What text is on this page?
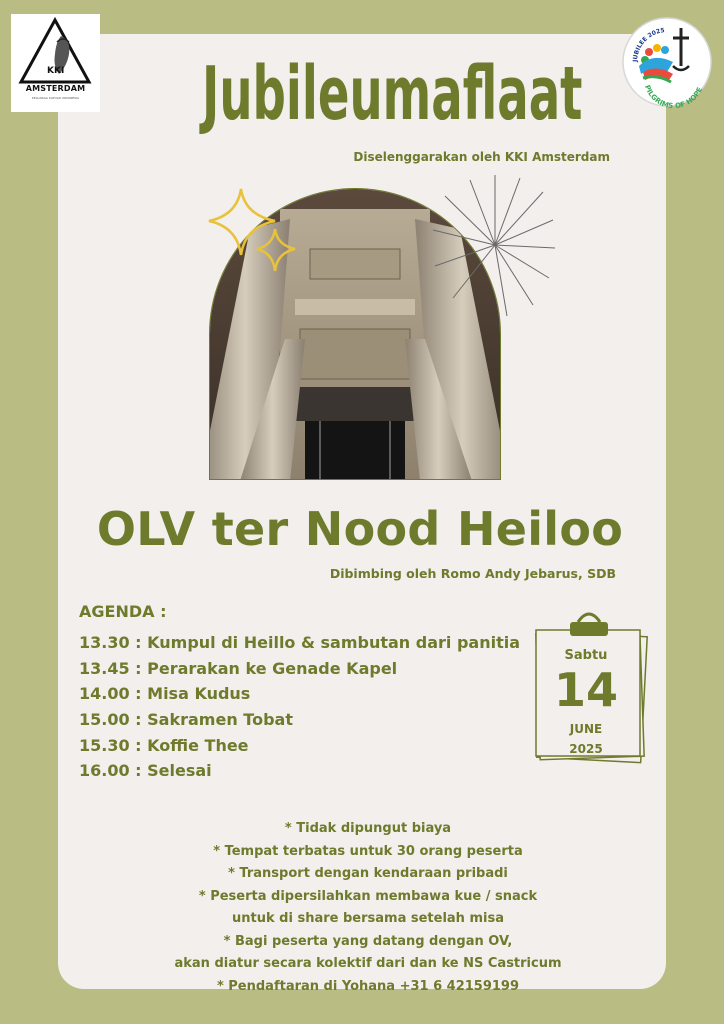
KKI
AMSTERDAM
KELUARGA KATOLIK INDONESIA
JUBILEE 2025
PILGRIMS OF HOPE
Jubileumaflaat
Diselenggarakan oleh KKI Amsterdam
OLV ter Nood Heiloo
Dibimbing oleh Romo Andy Jebarus, SDB
AGENDA :
13.30 : Kumpul di Heillo & sambutan dari panitia
13.45 : Perarakan ke Genade Kapel
14.00 : Misa Kudus
15.00 : Sakramen Tobat
15.30 : Koffie Thee
16.00 : Selesai
Sabtu
14
JUNE
2025
* Tidak dipungut biaya
* Tempat terbatas untuk 30 orang peserta
* Transport dengan kendaraan pribadi
* Peserta dipersilahkan membawa kue / snack
untuk di share bersama setelah misa
* Bagi peserta yang datang dengan OV,
akan diatur secara kolektif dari dan ke NS Castricum
* Pendaftaran di Yohana +31 6 42159199
